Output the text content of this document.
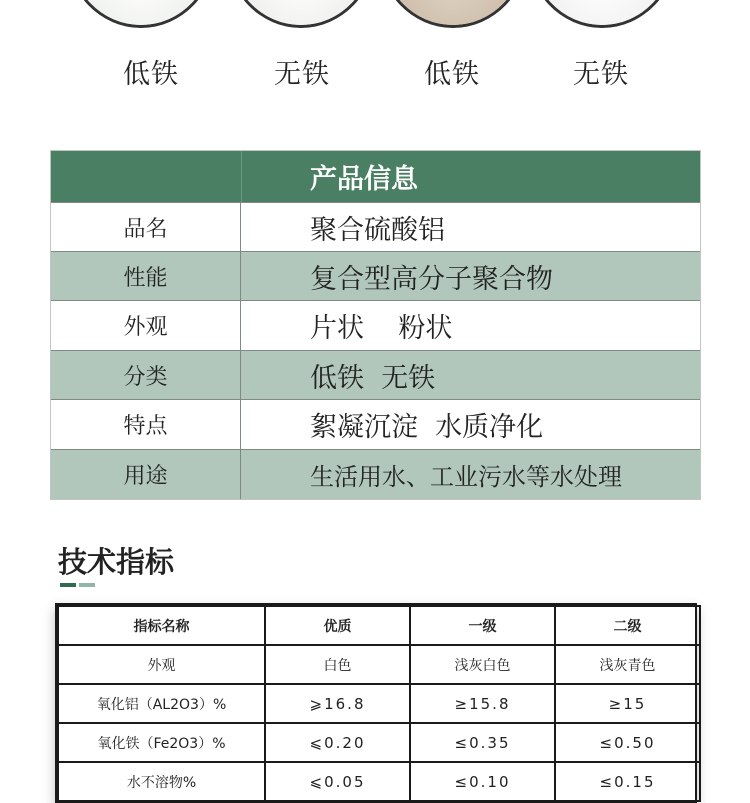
低铁	无铁	低铁	无铁
产品信息
品名	聚合硫酸铝
性能	复合型高分子聚合物
外观	片状    粉状
分类	低铁  无铁
特点	絮凝沉淀  水质净化
用途	生活用水、工业污水等水处理
技术指标
指标名称	优质	一级	二级
外观	白色	浅灰白色	浅灰青色
氧化铝（AL2O3）%	⩾16.8	≥15.8	≥15
氧化铁（Fe2O3）%	⩽0.20	≤0.35	≤0.50
水不溶物%	⩽0.05	≤0.10	≤0.15
